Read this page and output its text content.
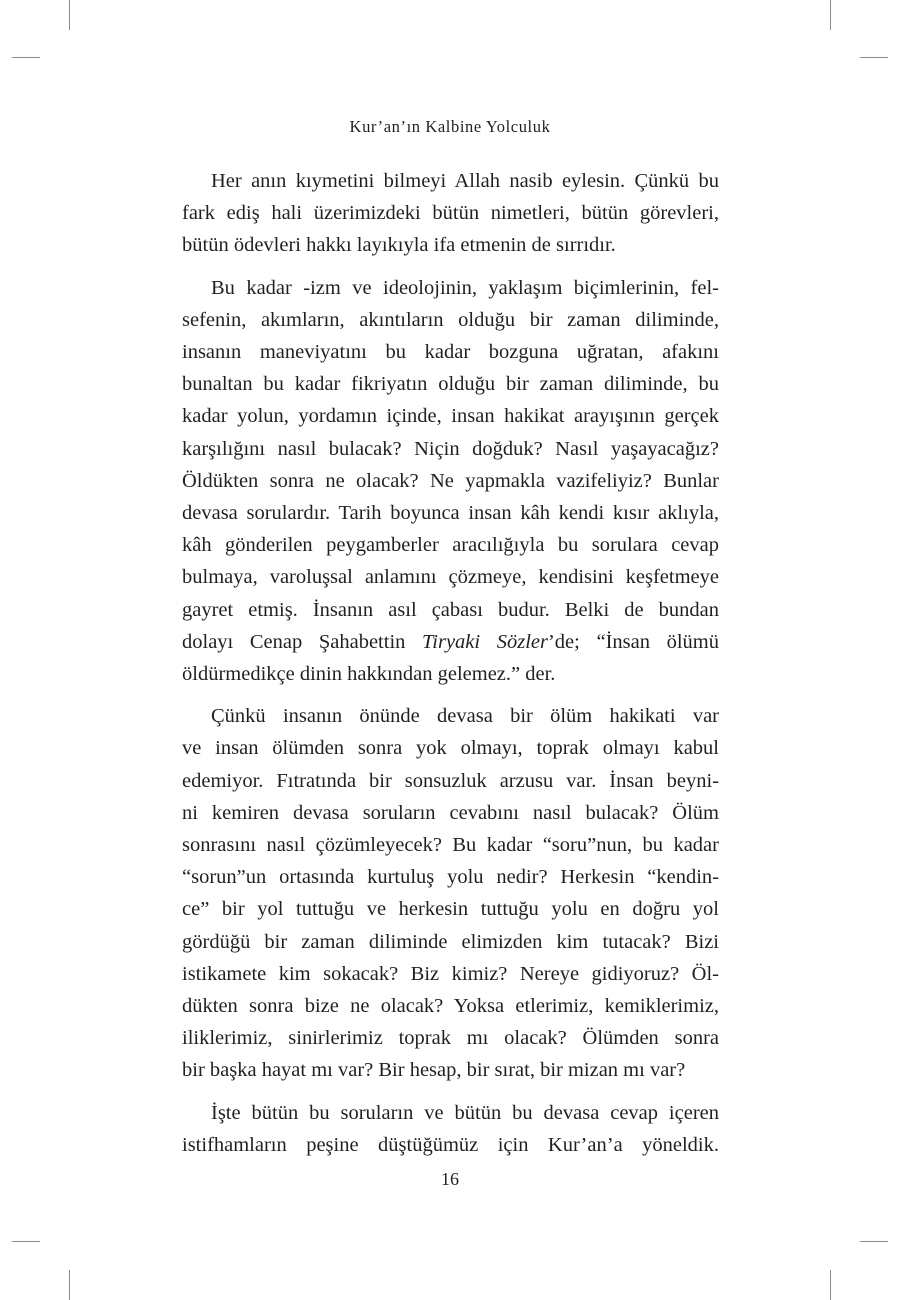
Kur’an’ın Kalbine Yolculuk
Her anın kıymetini bilmeyi Allah nasib eylesin. Çünkü bu
fark ediş hali üzerimizdeki bütün nimetleri, bütün görevleri,
bütün ödevleri hakkı layıkıyla ifa etmenin de sırrıdır.
Bu kadar -izm ve ideolojinin, yaklaşım biçimlerinin, fel-
sefenin, akımların, akıntıların olduğu bir zaman diliminde,
insanın maneviyatını bu kadar bozguna uğratan, afakını
bunaltan bu kadar fikriyatın olduğu bir zaman diliminde, bu
kadar yolun, yordamın içinde, insan hakikat arayışının gerçek
karşılığını nasıl bulacak? Niçin doğduk? Nasıl yaşayacağız?
Öldükten sonra ne olacak? Ne yapmakla vazifeliyiz? Bunlar
devasa sorulardır. Tarih boyunca insan kâh kendi kısır aklıyla,
kâh gönderilen peygamberler aracılığıyla bu sorulara cevap
bulmaya, varoluşsal anlamını çözmeye, kendisini keşfetmeye
gayret etmiş. İnsanın asıl çabası budur. Belki de bundan
dolayı Cenap Şahabettin Tiryaki Sözler’de; “İnsan ölümü
öldürmedikçe dinin hakkından gelemez.” der.
Çünkü insanın önünde devasa bir ölüm hakikati var
ve insan ölümden sonra yok olmayı, toprak olmayı kabul
edemiyor. Fıtratında bir sonsuzluk arzusu var. İnsan beyni-
ni kemiren devasa soruların cevabını nasıl bulacak? Ölüm
sonrasını nasıl çözümleyecek? Bu kadar “soru”nun, bu kadar
“sorun”un ortasında kurtuluş yolu nedir? Herkesin “kendin-
ce” bir yol tuttuğu ve herkesin tuttuğu yolu en doğru yol
gördüğü bir zaman diliminde elimizden kim tutacak? Bizi
istikamete kim sokacak? Biz kimiz? Nereye gidiyoruz? Öl-
dükten sonra bize ne olacak? Yoksa etlerimiz, kemiklerimiz,
iliklerimiz, sinirlerimiz toprak mı olacak? Ölümden sonra
bir başka hayat mı var? Bir hesap, bir sırat, bir mizan mı var?
İşte bütün bu soruların ve bütün bu devasa cevap içeren
istifhamların peşine düştüğümüz için Kur’an’a yöneldik.
16
